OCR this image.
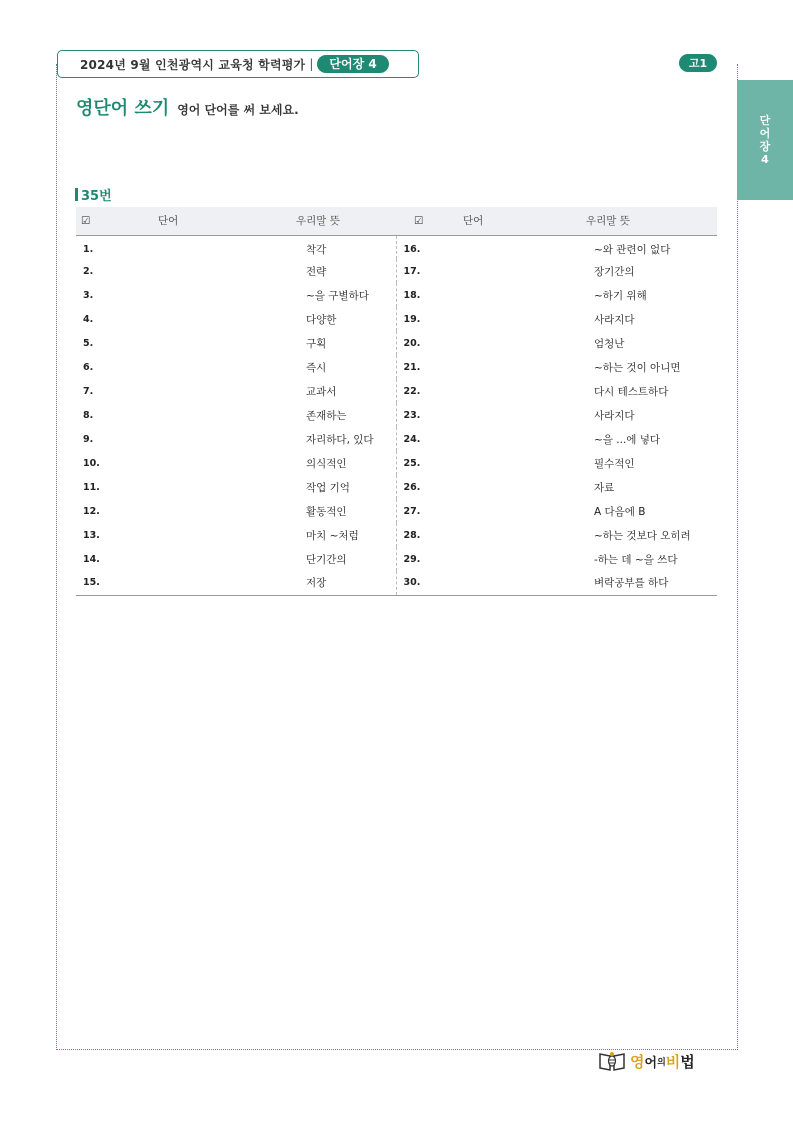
2024년 9월 인천광역시 교육청 학력평가 |	단어장 4	고1
단
어
장
4
영단어 쓰기 영어 단어를 써 보세요.
35번
☑	단어	우리말 뜻	☑	단어	우리말 뜻
1.		착각	16.		~와 관련이 없다
2.		전략	17.		장기간의
3.		~을 구별하다	18.		~하기 위해
4.		다양한	19.		사라지다
5.		구획	20.		엄청난
6.		즉시	21.		~하는 것이 아니면
7.		교과서	22.		다시 테스트하다
8.		존재하는	23.		사라지다
9.		자리하다, 있다	24.		~을 ...에 넣다
10.		의식적인	25.		필수적인
11.		작업 기억	26.		자료
12.		활동적인	27.		A 다음에 B
13.		마치 ~처럼	28.		~하는 것보다 오히려
14.		단기간의	29.		-하는 데 ~을 쓰다
15.		저장	30.		벼락공부를 하다
영 어 의 비 법
